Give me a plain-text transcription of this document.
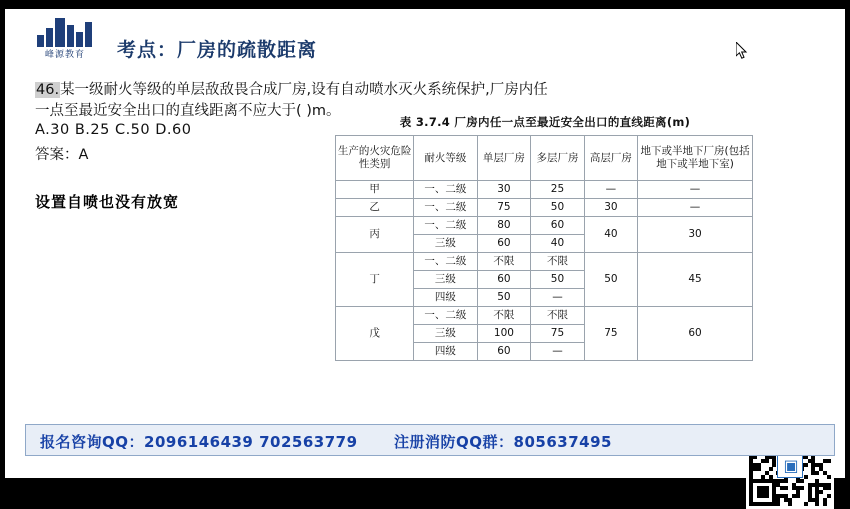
峰源教育	考点：厂房的疏散距离
46.某一级耐火等级的单层敌敌畏合成厂房,设有自动喷水灭火系统保护,厂房内任一点至最近安全出口的直线距离不应大于( )m。
A.30 B.25 C.50 D.60
答案：A
设置自喷也没有放宽
表 3.7.4 厂房内任一点至最近安全出口的直线距离(m)
生产的火灾危险性类别	耐火等级	单层厂房	多层厂房	高层厂房	地下或半地下厂房(包括地下或半地下室)
甲	一、二级	30	25	—	—
乙	一、二级	75	50	30	—
丙	一、二级	80	60	40	30
	三级	60	40		
丁	一、二级	不限	不限	50	45
	三级	60	50		
	四级	50	—		
戊	一、二级	不限	不限	75	60
	三级	100	75		
	四级	60	—		
▣
报名咨询QQ：2096146439 702563779 注册消防QQ群：805637495
